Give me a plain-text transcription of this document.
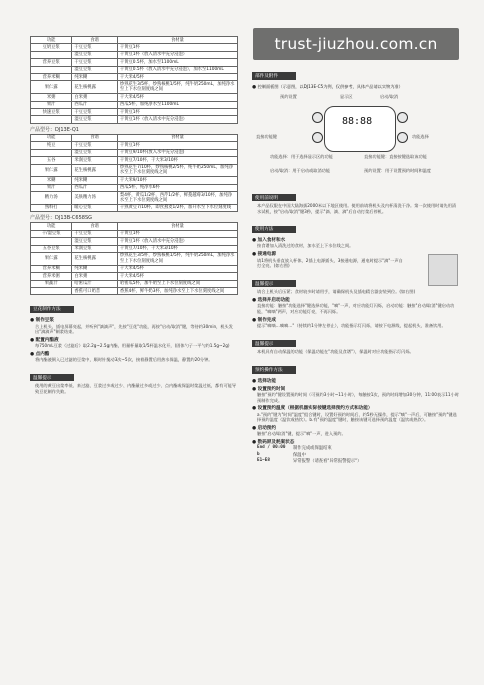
功能	食谱	食材量
豆奶豆浆	干豆豆浆	干黄豆1杯
	湿豆豆浆	干黄豆1杯（放入清水中充分浸泡）
营养豆浆	干豆豆浆	干黄豆0.5杯，加水至1100mL
	湿豆豆浆	干黄豆0.5杯（放入清水中充分浸泡），加水至1100mL
营养米糊	纯米糊	干大米4/5杯
果仁露	花生核桃露	炒熟花生3/5杯，炒熟核桃1/5杯，纯牛奶250mL，加纯净水至上下水位刻度线之间
米粥	白米粥	干大米4/5杯
果汁	西瓜汁	西瓜5杯，加纯净水至1100mL
快速豆浆	干豆豆浆	干黄豆1杯
	湿豆豆浆	干黄豆1杯（放入清水中充分浸泡）
产品型号：DJ13E-Q1
功能	食谱	食材量
纯豆	干豆豆浆	干黄豆1杯
	湿豆豆浆	干黄豆9/10杯(放入水中充分浸泡)
五谷	米润豆浆	干黄豆7/10杯，干大米3/10杯
果仁露	花生核桃露	炒熟花生7/10杯，炒熟核桃2/5杯，纯牛奶250mL，加纯净水至上下水位刻度线之间
米糊	纯米糊	干大米9/10杯
果汁	西瓜汁	西瓜5杯，纯净水6杯
精力汤	美肤精力汤	梨4杯，黄瓜1/2杯，西芹1/2杯，鲜蔓越莓3/10杯，加纯净水至上下水位刻度线之间
熟料打	暖心豆浆	干熟黄豆7/10杯，即食燕麦1/2杯，加开水至下水位刻度线
产品型号：DJ13B-C658SG
功能	食谱	食材量
干/湿豆浆	干豆豆浆	干黄豆1杯
	湿豆豆浆	干黄豆1杯（放入清水中充分浸泡）
五谷豆浆	米润豆浆	干黄豆7/10杯，干大米3/10杯
果仁露	花生核桃露	炒熟花生3/5杯，炒熟核桃1/5杯，纯牛奶250mL，加纯净水至上下水位刻度线之间
营养米糊	纯米糊	干大米4/5杯
营养米粥	白米粥	干大米4/5杯
果蔬汁	哈密瓜汁	哈密瓜5杯，加牛奶至上下水位刻度线之间
	香蕉可口奶昔	香蕉4杯，鲜牛奶3杯，加纯净水至上下水位刻度线之间
豆花制作方法
● 制作豆浆
合上机头，插电屏幕亮起，并听到"滴滴声"，先按"豆花"功能，再按"启动/取消"键，等待约30min，机头发出"滴滴声"制浆结束。
● 配置内酯液
每750mL豆浆（过滤后）取2.2g~2.5g内酯，用量杯量取1/5杯温水化开，(固体勺子一平勺约1.5g~2g)
● 点内酯
将内酯液倒入已过滤的豆浆中，顺时针搅动3次~5次，接着静置后用热水保温，静置约20分钟。
温馨提示
使用的黄豆出浆率低、来过滤、豆浆过多或过少、内酯量过多或过少、点内酯或保温时浆温过低，都有可能导致豆花制作失败。
部件及附件
● 控制面板图（示意图，以DJ13E-C5为例，仅供参考，具体产品请以实物为准）
预约设置	显示区	启动/取消
88:88
直接功能键	功能选择
功能选择：用于选择显示区的功能	直接功能键：直接按键选取该功能
启动/取消：用于启动或取消功能	预约设置：用于设置预约时间和温度
使用前说明
本产品仅限在中国大陆海拔2000米以下地区使用。使用前请将机头及内杯清洗干净。第一次使用时请先用清水试机，按"启动/取消"键3秒，提示"滴、滴、滴"后自动打浆后停机。
使用方法
● 加入食材和水
按食谱加入清洗过的食材，加水至上下水位线之间。
● 接通电源
请1将机头垂直放入杯体，2插上电源插头，3接通电源，通电时提示"滴"一声自打全亮。(如右图)
温馨提示
请合上机头后压紧；食材较多时请用手，请确保机头及插电精合器安装到位。(如右图)
● 选择并启动功能
直接功能：触按"功能选择"键选择功能，"嘀"一声，对应功能灯闪烁，启动功能：触按"启动/取消"键启动功能，"嘀嘀"两声，对应功能灯亮，不再闪烁。
● 制作完成
提示"嘀嘀…嘀嘀…"（持续约1分钟左停止），功能指示灯闪烁，请按下电源线，提起机头，准备饮用。
温馨提示
本机具有自动保温的功能（保温功能在"功能及食谱"），保温时对应功能指示灯闪烁。
预约操作方法
● 选择功能
● 设置预约时间
触按"预约"键设置预约时间（可预约3小时~11小时），每触按1次，预约时间增加30分钟，11:00表示11小时预制作完成。
● 设置预约温度（根据机器实际按键选择预约方式和功能）
a."预约"键为"时间"温度"组合键时，设置好预约时间后，约5秒无操作，提示"嘀"一声后，可触按"预约"键选择预约温度（温饮或热饮）。b.有"预约温度"键时，触按该键可选择预约温度（温饮或热饮）。
● 启动预约
触按"启动/取消"键，提示"嘀"一声，进入预约。
● 数码屏及耗案状态
End / 00:00	制作完成或保温结束
b	保温中
E1~E8	异常报警（请查看"异常报警提示"）
trust-jiuzhou.com.cn
